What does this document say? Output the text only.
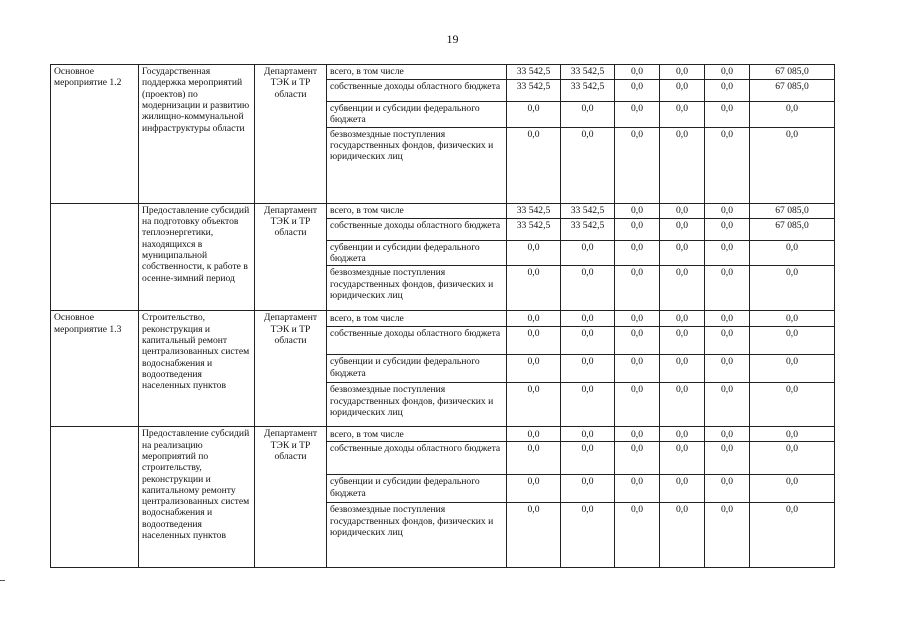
19
Основное мероприятие 1.2	Государственная поддержка мероприятий (проектов) по модернизации и развитию жилищно-коммунальной инфраструктуры области	Департамент ТЭК и ТР области	всего, в том числе	33 542,5	33 542,5	0,0	0,0	0,0	67 085,0
			собственные доходы областного бюджета	33 542,5	33 542,5	0,0	0,0	0,0	67 085,0
			субвенции и субсидии федерального бюджета	0,0	0,0	0,0	0,0	0,0	0,0
			безвозмездные поступления государственных фондов, физических и юридических лиц	0,0	0,0	0,0	0,0	0,0	0,0
	Предоставление субсидий на подготовку объектов теплоэнергетики, находящихся в муниципальной собственности, к работе в осенне-зимний период	Департамент ТЭК и ТР области	всего, в том числе	33 542,5	33 542,5	0,0	0,0	0,0	67 085,0
			собственные доходы областного бюджета	33 542,5	33 542,5	0,0	0,0	0,0	67 085,0
			субвенции и субсидии федерального бюджета	0,0	0,0	0,0	0,0	0,0	0,0
			безвозмездные поступления государственных фондов, физических и юридических лиц	0,0	0,0	0,0	0,0	0,0	0,0
Основное мероприятие 1.3	Строительство, реконструкция и капитальный ремонт централизованных систем водоснабжения и водоотведения населенных пунктов	Департамент ТЭК и ТР области	всего, в том числе	0,0	0,0	0,0	0,0	0,0	0,0
			собственные доходы областного бюджета	0,0	0,0	0,0	0,0	0,0	0,0
			субвенции и субсидии федерального бюджета	0,0	0,0	0,0	0,0	0,0	0,0
			безвозмездные поступления государственных фондов, физических и юридических лиц	0,0	0,0	0,0	0,0	0,0	0,0
	Предоставление субсидий на реализацию мероприятий по строительству, реконструкции и капитальному ремонту централизованных систем водоснабжения и водоотведения населенных пунктов	Департамент ТЭК и ТР области	всего, в том числе	0,0	0,0	0,0	0,0	0,0	0,0
			собственные доходы областного бюджета	0,0	0,0	0,0	0,0	0,0	0,0
			субвенции и субсидии федерального бюджета	0,0	0,0	0,0	0,0	0,0	0,0
			безвозмездные поступления государственных фондов, физических и юридических лиц	0,0	0,0	0,0	0,0	0,0	0,0
